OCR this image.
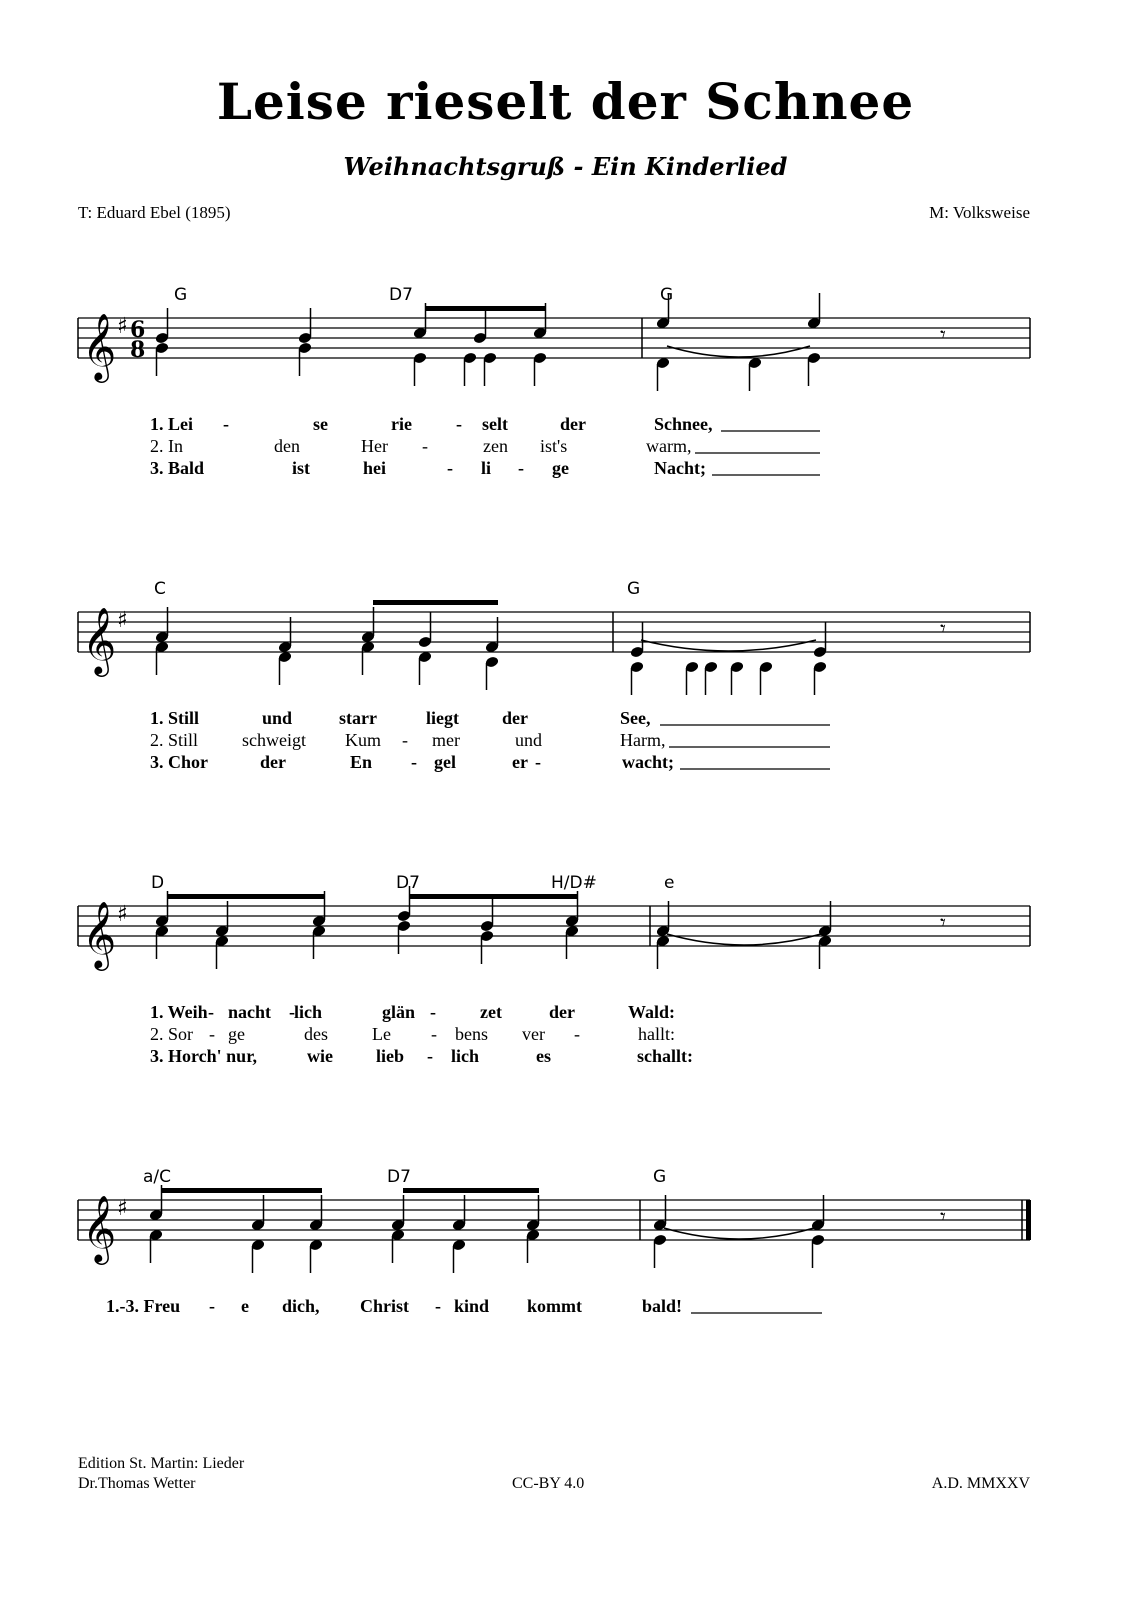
Leise rieselt der Schnee
Weihnachtsgruß - Ein Kinderlied
T: Eduard Ebel (1895)	M: Volksweise
𝄞 ♯ 6
8
𝄾
G	D7	G
1. Lei -	se	rie - selt	der	Schnee,
2. In	den	Her -	zen ist's	warm,
3. Bald	ist	hei	- li - ge	Nacht;
𝄞 ♯	𝄾
C	G
1. Still	und	starr	liegt der	See,
2. Still schweigt Kum - mer	und	Harm,
3. Chor	der	En - gel	er -	wacht;
𝄞 ♯	𝄾
D	D7	H/D#	e
1. Weih - nacht - lich	glän - zet	der	Wald:
2. Sor - ge	des Le - bens ver -	hallt:
3. Horch' nur,	wie lieb - lich	es	schallt:
𝄞 ♯	𝄾
a/C	D7	G
1.-3. Freu - e dich, Christ - kind kommt	bald!
Edition St. Martin: Lieder
Dr.Thomas Wetter	CC-BY 4.0	A.D. MMXXV
